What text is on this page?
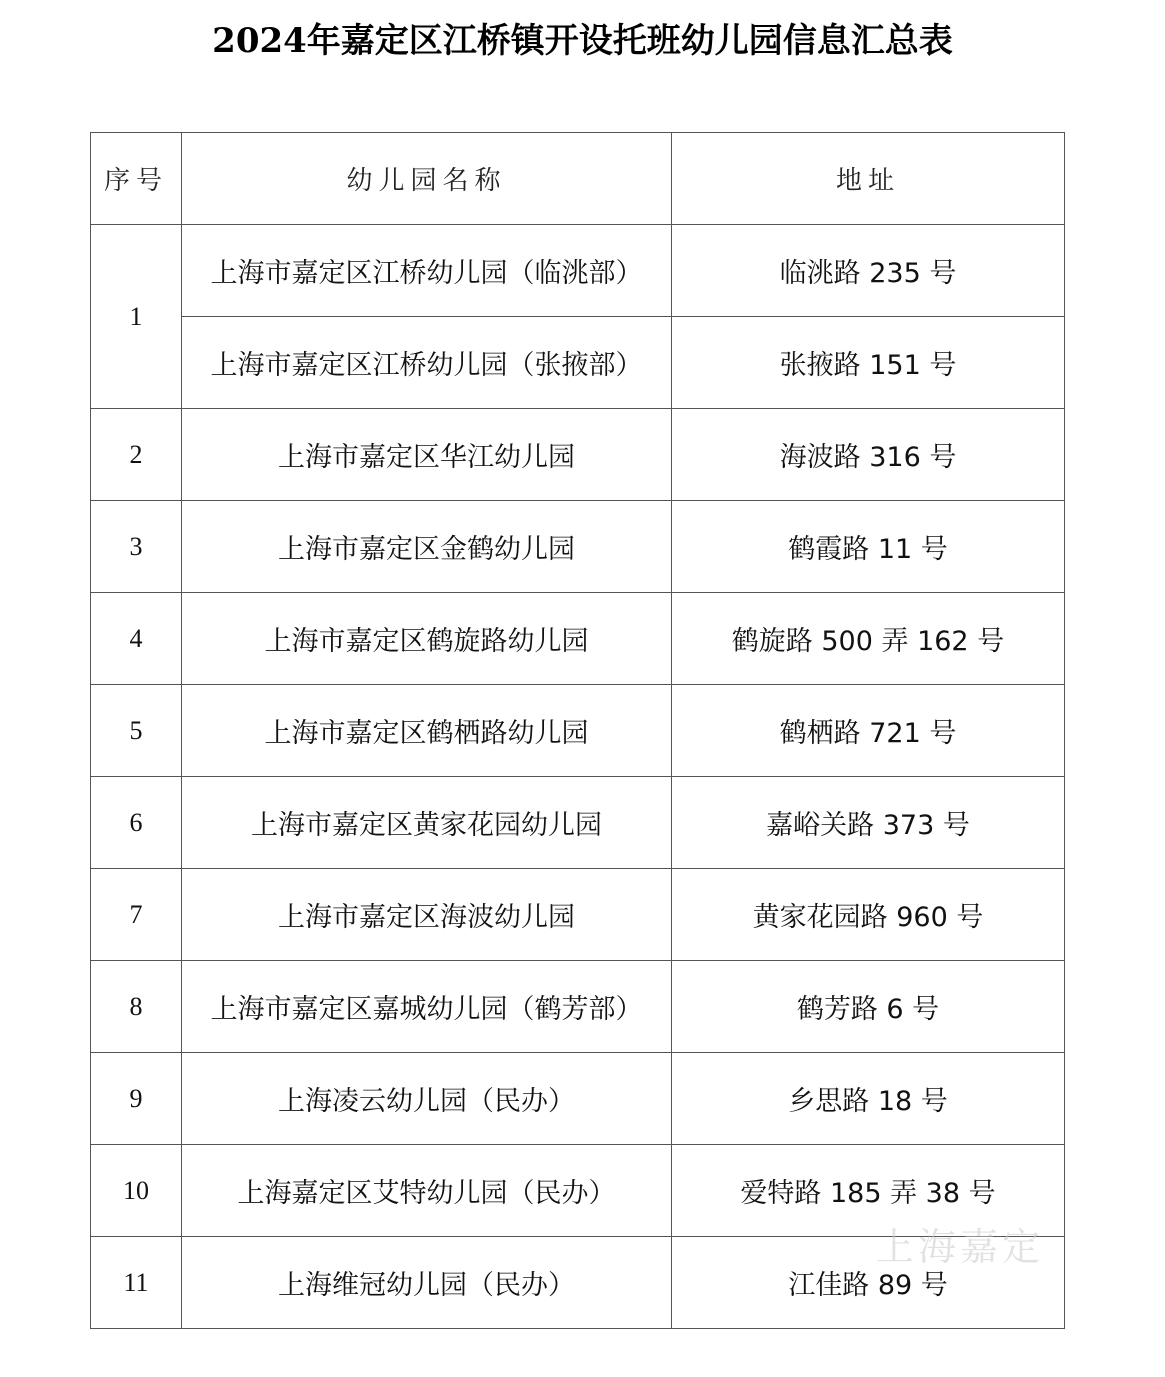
2024年嘉定区江桥镇开设托班幼儿园信息汇总表
序号	幼儿园名称	地址
1	上海市嘉定区江桥幼儿园（临洮部）	临洮路 235 号
	上海市嘉定区江桥幼儿园（张掖部）	张掖路 151 号
2	上海市嘉定区华江幼儿园	海波路 316 号
3	上海市嘉定区金鹤幼儿园	鹤霞路 11 号
4	上海市嘉定区鹤旋路幼儿园	鹤旋路 500 弄 162 号
5	上海市嘉定区鹤栖路幼儿园	鹤栖路 721 号
6	上海市嘉定区黄家花园幼儿园	嘉峪关路 373 号
7	上海市嘉定区海波幼儿园	黄家花园路 960 号
8	上海市嘉定区嘉城幼儿园（鹤芳部）	鹤芳路 6 号
9	上海凌云幼儿园（民办）	乡思路 18 号
10	上海嘉定区艾特幼儿园（民办）	爱特路 185 弄 38 号
11	上海维冠幼儿园（民办）	江佳路 89 号
上海嘉定
